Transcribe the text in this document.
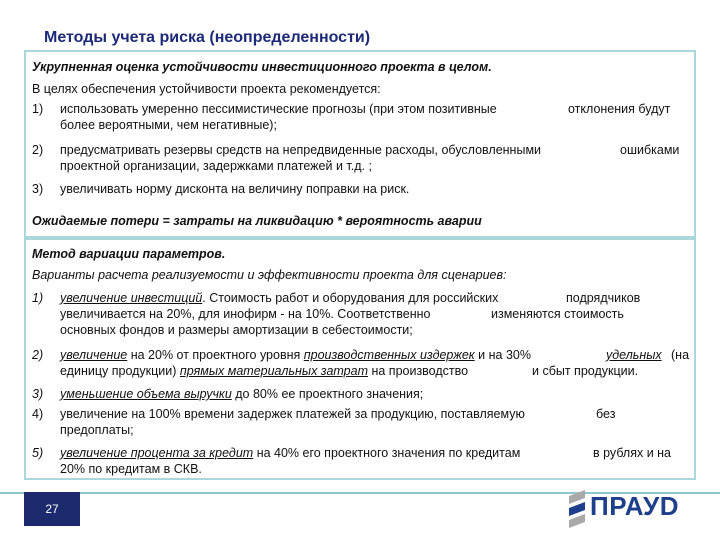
Методы учета риска (неопределенности)
Укрупненная оценка устойчивости инвестиционного проекта в целом.
В целях обеспечения устойчивости проекта рекомендуется:
1) использовать умеренно пессимистические прогнозы (при этом позитивные	отклонения будут
более вероятными, чем негативные);
2) предусматривать резервы средств на непредвиденные расходы, обусловленными	ошибками
проектной организации, задержками платежей и т.д. ;
3) увеличивать норму дисконта на величину поправки на риск.
Ожидаемые потери = затраты на ликвидацию * вероятность аварии
Метод вариации параметров.
Варианты расчета реализуемости и эффективности проекта для сценариев:
1) увеличение инвестиций. Стоимость работ и оборудования для российских	подрядчиков
увеличивается на 20%, для инофирм - на 10%. Соответственно	изменяются стоимость
основных фондов и размеры амортизации в себестоимости;
2) увеличение на 20% от проектного уровня производственных издержек и на 30%	удельных (на
единицу продукции) прямых материальных затрат на производство	и сбыт продукции.
3) уменьшение объема выручки до 80% ее проектного значения;
4) увеличение на 100% времени задержек платежей за продукцию, поставляемую	без
предоплаты;
5) увеличение процента за кредит на 40% его проектного значения по кредитам	в рублях и на
20% по кредитам в СКВ.
27	ПРАУD
